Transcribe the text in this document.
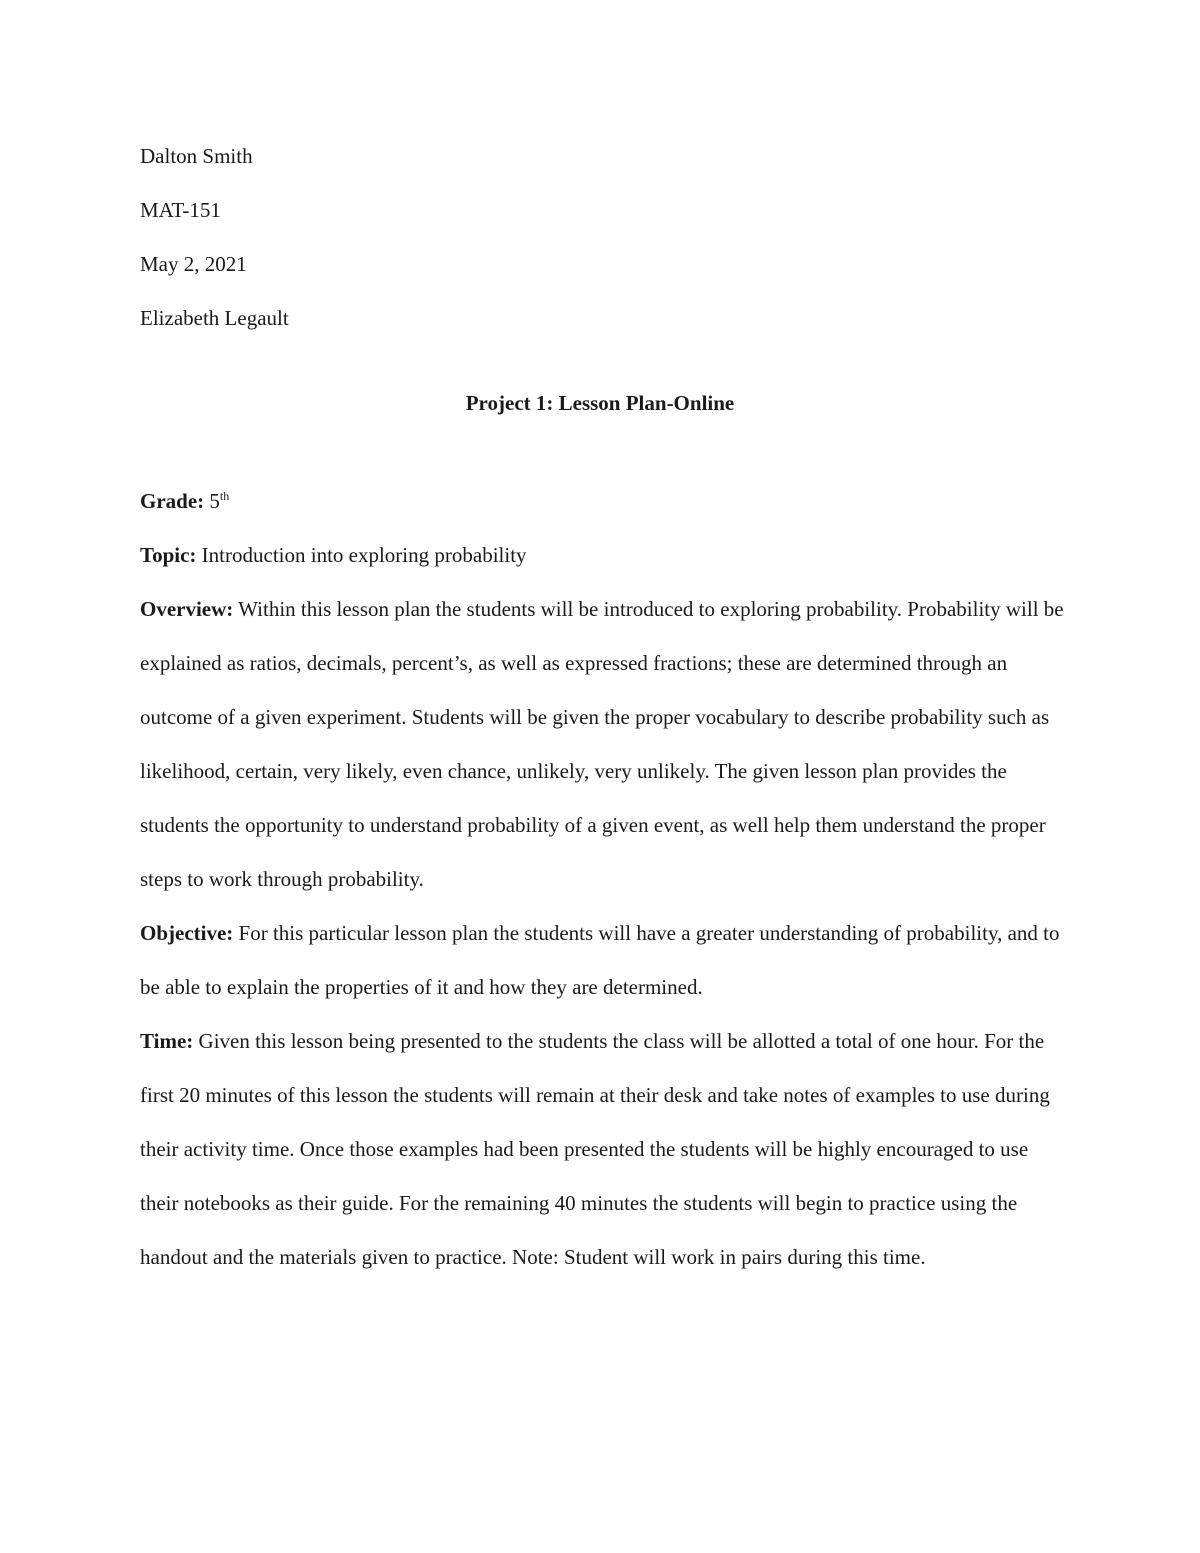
Dalton Smith
MAT-151
May 2, 2021
Elizabeth Legault
Project 1: Lesson Plan-Online

Grade: 5th

Topic: Introduction into exploring probability

Overview: Within this lesson plan the students will be introduced to exploring probability. Probability will be explained as ratios, decimals, percent’s, as well as expressed fractions; these are determined through an outcome of a given experiment. Students will be given the proper vocabulary to describe probability such as likelihood, certain, very likely, even chance, unlikely, very unlikely. The given lesson plan provides the students the opportunity to understand probability of a given event, as well help them understand the proper steps to work through probability.

Objective: For this particular lesson plan the students will have a greater understanding of probability, and to be able to explain the properties of it and how they are determined.

Time: Given this lesson being presented to the students the class will be allotted a total of one hour. For the first 20 minutes of this lesson the students will remain at their desk and take notes of examples to use during their activity time. Once those examples had been presented the students will be highly encouraged to use their notebooks as their guide. For the remaining 40 minutes the students will begin to practice using the handout and the materials given to practice. Note: Student will work in pairs during this time.
